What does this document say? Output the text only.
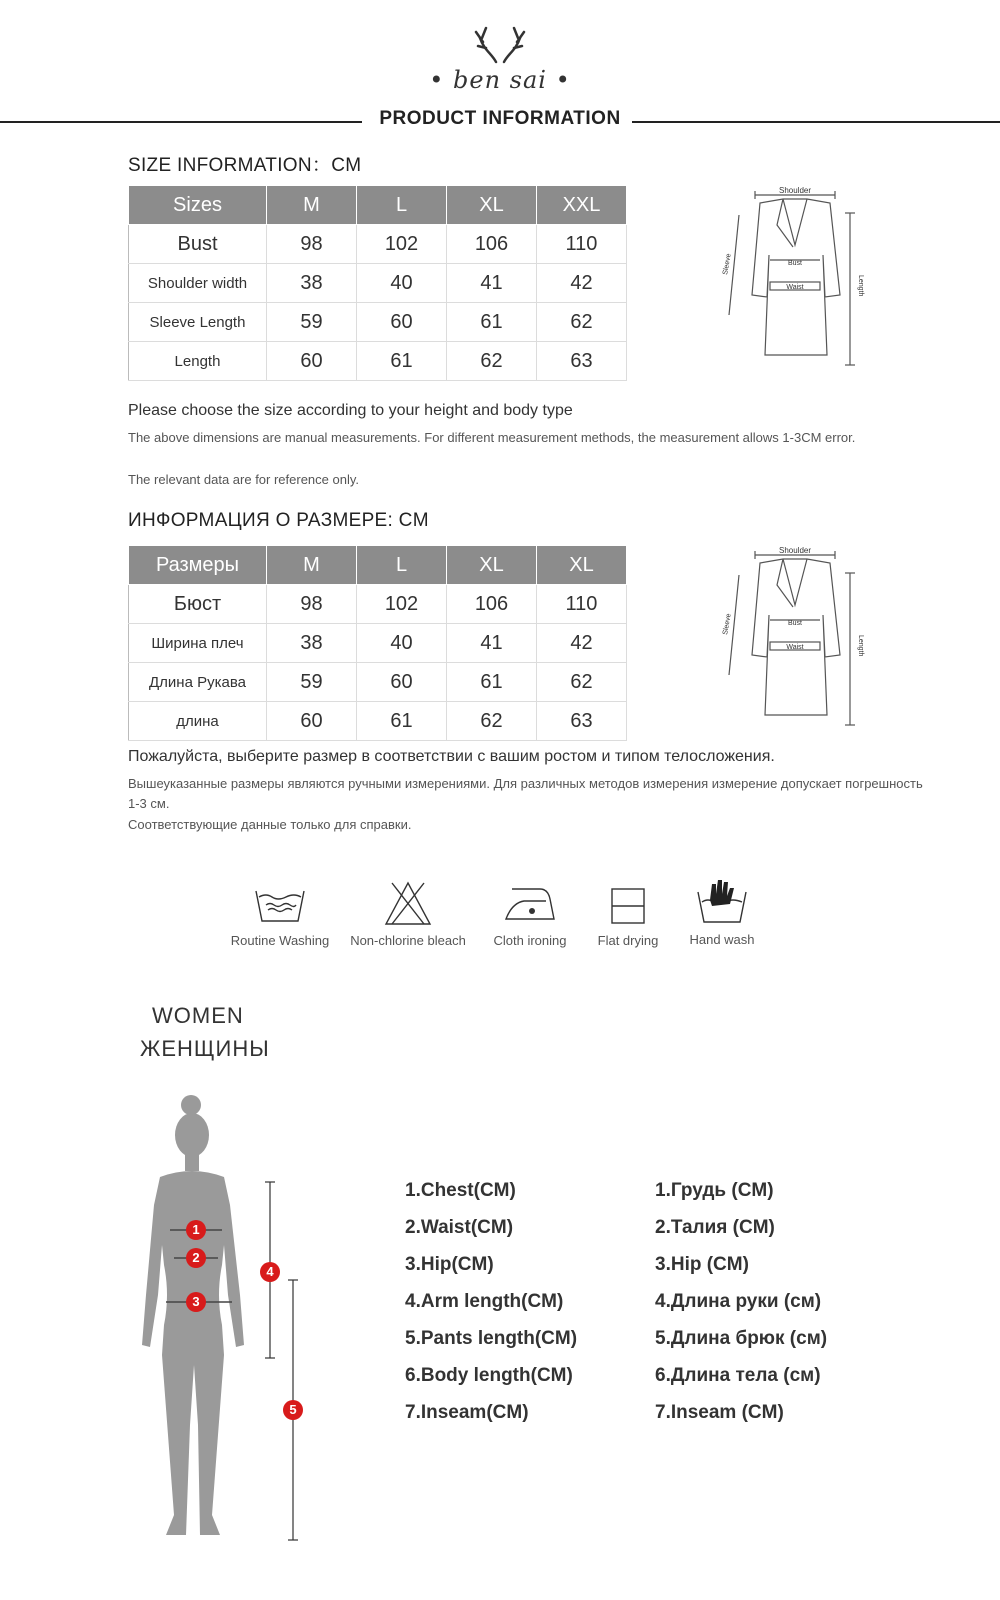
• ben sai •
PRODUCT INFORMATION
SIZE INFORMATION：CM
Sizes	M	L	XL	XXL
Bust	98	102	106	110
Shoulder width	38	40	41	42
Sleeve Length	59	60	61	62
Length	60	61	62	63
Shoulder
Bust
Waist
Sleeve
Length
Please choose the size according to your height and body type
The above dimensions are manual measurements. For different measurement methods, the measurement allows 1-3CM error.
The relevant data are for reference only.
ИНФОРМАЦИЯ О РАЗМЕРЕ: CM
Размеры	M	L	XL	XL
Бюст	98	102	106	110
Ширина плеч	38	40	41	42
Длина Рукава	59	60	61	62
длина	60	61	62	63
Shoulder
Bust
Waist
Sleeve
Length
Пожалуйста, выберите размер в соответствии с вашим ростом и типом телосложения.
Вышеуказанные размеры являются ручными измерениями. Для различных методов измерения измерение допускает погрешность 1-3 см.
Соответствующие данные только для справки.
Routine Washing	Non-chlorine bleach	Cloth ironing	Flat drying	Hand wash
WOMEN
ЖЕНЩИНЫ
1
2
3
4
5
1.Chest(CM)
2.Waist(CM)
3.Hip(CM)
4.Arm length(CM)
5.Pants length(CM)
6.Body length(CM)
7.Inseam(CM)
1.Грудь (CM)
2.Талия (CM)
3.Hip (CM)
4.Длина руки (см)
5.Длина брюк (см)
6.Длина тела (см)
7.Inseam (CM)
